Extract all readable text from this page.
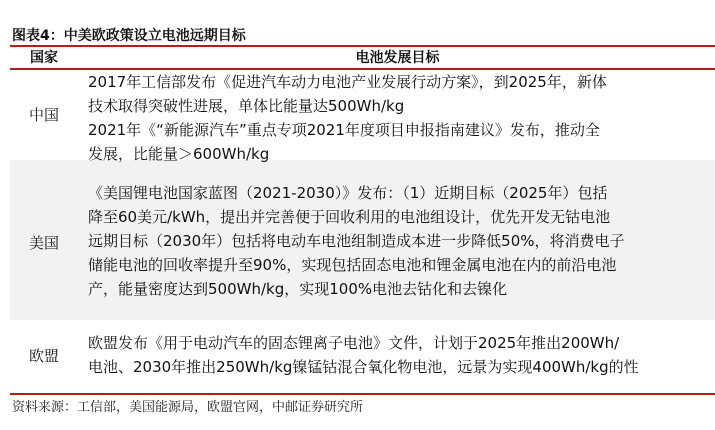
图表4：中美欧政策设立电池远期目标
国家	电池发展目标
中国
2017年工信部发布《促进汽车动力电池产业发展行动方案》，到2025年，新体
技术取得突破性进展，单体比能量达500Wh/kg
2021年《“新能源汽车”重点专项2021年度项目申报指南建议》发布，推动全
发展，比能量＞600Wh/kg
美国
《美国锂电池国家蓝图（2021-2030）》发布：（1）近期目标（2025年）包括
降至60美元/kWh，提出并完善便于回收利用的电池组设计，优先开发无钴电池
远期目标（2030年）包括将电动车电池组制造成本进一步降低50%，将消费电子
储能电池的回收率提升至90%，实现包括固态电池和锂金属电池在内的前沿电池
产，能量密度达到500Wh/kg，实现100%电池去钴化和去镍化
欧盟
欧盟发布《用于电动汽车的固态锂离子电池》文件，计划于2025年推出200Wh/
电池、2030年推出250Wh/kg镍锰钴混合氧化物电池，远景为实现400Wh/kg的性
资料来源：工信部，美国能源局，欧盟官网，中邮证券研究所
